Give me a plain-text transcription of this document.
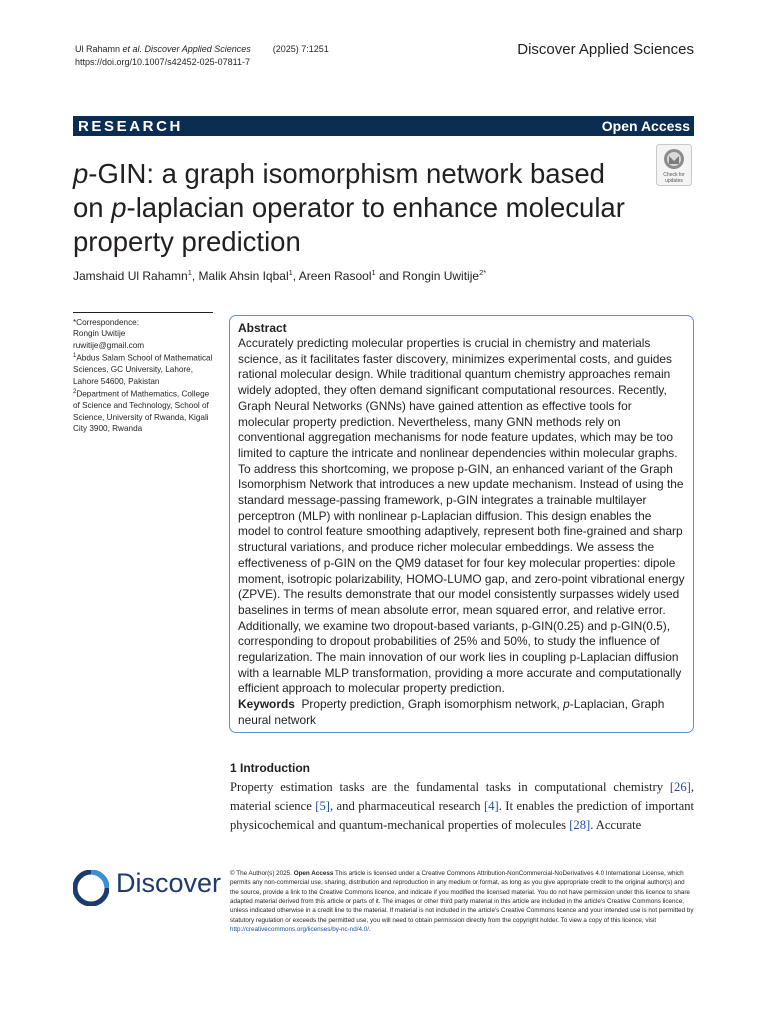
Ul Rahamn et al. Discover Applied Sciences (2025) 7:1251
https://doi.org/10.1007/s42452-025-07811-7
Discover Applied Sciences
RESEARCH	Open Access
p-GIN: a graph isomorphism network based
on p-laplacian operator to enhance molecular
property prediction
Check for
updates
Jamshaid Ul Rahamn$^1$, Malik Ahsin Iqbal$^1$, Areen Rasool$^1$ and Rongin Uwitije$^{2*}$
*Correspondence:
Rongin Uwitije
ruwitije@gmail.com
$^1$Abdus Salam School of Mathematical Sciences, GC University, Lahore, Lahore 54600, Pakistan
$^2$Department of Mathematics, College of Science and Technology, School of Science, University of Rwanda, Kigali City 3900, Rwanda
Abstract
Accurately predicting molecular properties is crucial in chemistry and materials science, as it facilitates faster discovery, minimizes experimental costs, and guides rational molecular design. While traditional quantum chemistry approaches remain widely adopted, they often demand significant computational resources. Recently, Graph Neural Networks (GNNs) have gained attention as effective tools for molecular property prediction. Nevertheless, many GNN methods rely on conventional aggregation mechanisms for node feature updates, which may be too limited to capture the intricate and nonlinear dependencies within molecular graphs. To address this shortcoming, we propose p-GIN, an enhanced variant of the Graph Isomorphism Network that introduces a new update mechanism. Instead of using the standard message-passing framework, p-GIN integrates a trainable multilayer perceptron (MLP) with nonlinear p-Laplacian diffusion. This design enables the model to control feature smoothing adaptively, represent both fine-grained and sharp structural variations, and produce richer molecular embeddings. We assess the effectiveness of p-GIN on the QM9 dataset for four key molecular properties: dipole moment, isotropic polarizability, HOMO-LUMO gap, and zero-point vibrational energy (ZPVE). The results demonstrate that our model consistently surpasses widely used baselines in terms of mean absolute error, mean squared error, and relative error. Additionally, we examine two dropout-based variants, p-GIN(0.25) and p-GIN(0.5), corresponding to dropout probabilities of 25% and 50%, to study the influence of regularization. The main innovation of our work lies in coupling p-Laplacian diffusion with a learnable MLP transformation, providing a more accurate and computationally efficient approach to molecular property prediction.
Keywords Property prediction, Graph isomorphism network, p-Laplacian, Graph neural network
1 Introduction
Property estimation tasks are the fundamental tasks in computational chemistry [26], material science [5], and pharmaceutical research [4]. It enables the prediction of important physicochemical and quantum-mechanical properties of molecules [28]. Accurate
Discover © The Author(s) 2025. Open Access This article is licensed under a Creative Commons Attribution-NonCommercial-NoDerivatives 4.0 International License, which permits any non-commercial use, sharing, distribution and reproduction in any medium or format, as long as you give appropriate credit to the original author(s) and the source, provide a link to the Creative Commons licence, and indicate if you modified the licensed material. You do not have permission under this licence to share adapted material derived from this article or parts of it. The images or other third party material in this article are included in the article's Creative Commons licence, unless indicated otherwise in a credit line to the material. If material is not included in the article's Creative Commons licence and your intended use is not permitted by statutory regulation or exceeds the permitted use, you will need to obtain permission directly from the copyright holder. To view a copy of this licence, visit http://creativecommons.org/licenses/by-nc-nd/4.0/.
